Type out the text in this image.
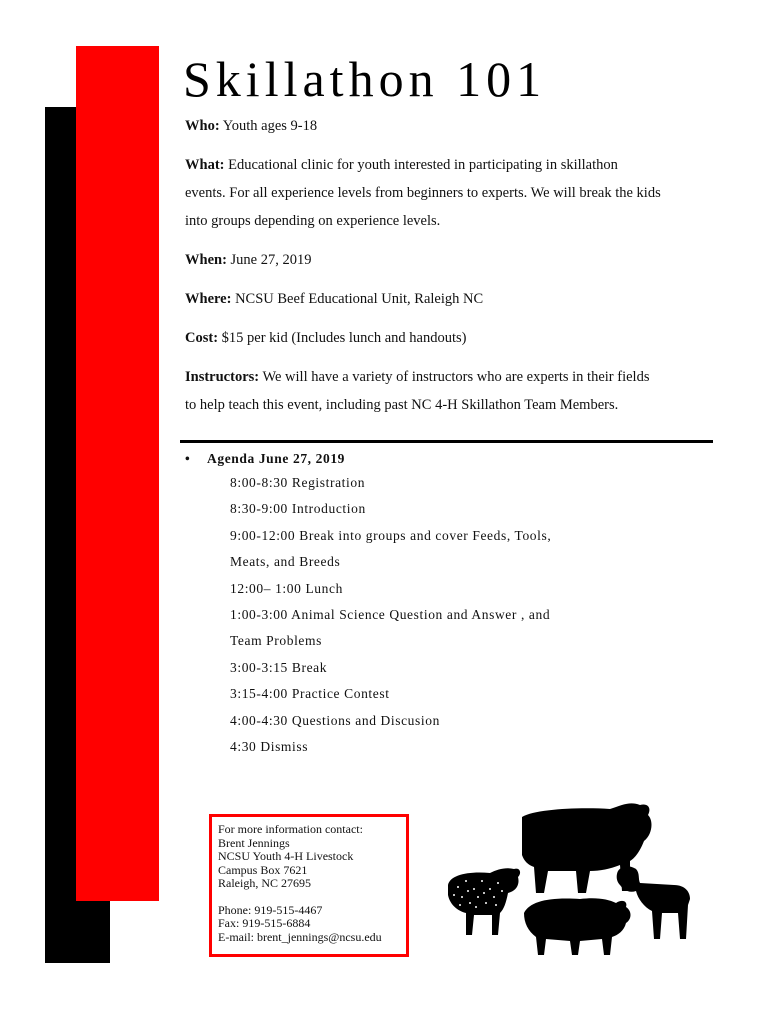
Skillathon 101
Who: Youth ages 9-18
What: Educational clinic for youth interested in participating in skillathon
events. For all experience levels from beginners to experts. We will break the kids
into groups depending on experience levels.
When: June 27, 2019
Where: NCSU Beef Educational Unit, Raleigh NC
Cost: $15 per kid (Includes lunch and handouts)
Instructors: We will have a variety of instructors who are experts in their fields
to help teach this event, including past NC 4-H Skillathon Team Members.
• Agenda June 27, 2019
8:00-8:30 Registration
8:30-9:00 Introduction
9:00-12:00 Break into groups and cover Feeds, Tools,
Meats, and Breeds
12:00– 1:00 Lunch
1:00-3:00 Animal Science Question and Answer , and
Team Problems
3:00-3:15 Break
3:15-4:00 Practice Contest
4:00-4:30 Questions and Discusion
4:30 Dismiss
For more information contact:
Brent Jennings
NCSU Youth 4-H Livestock
Campus Box 7621
Raleigh, NC 27695
Phone: 919-515-4467
Fax: 919-515-6884
E-mail: brent_jennings@ncsu.edu
